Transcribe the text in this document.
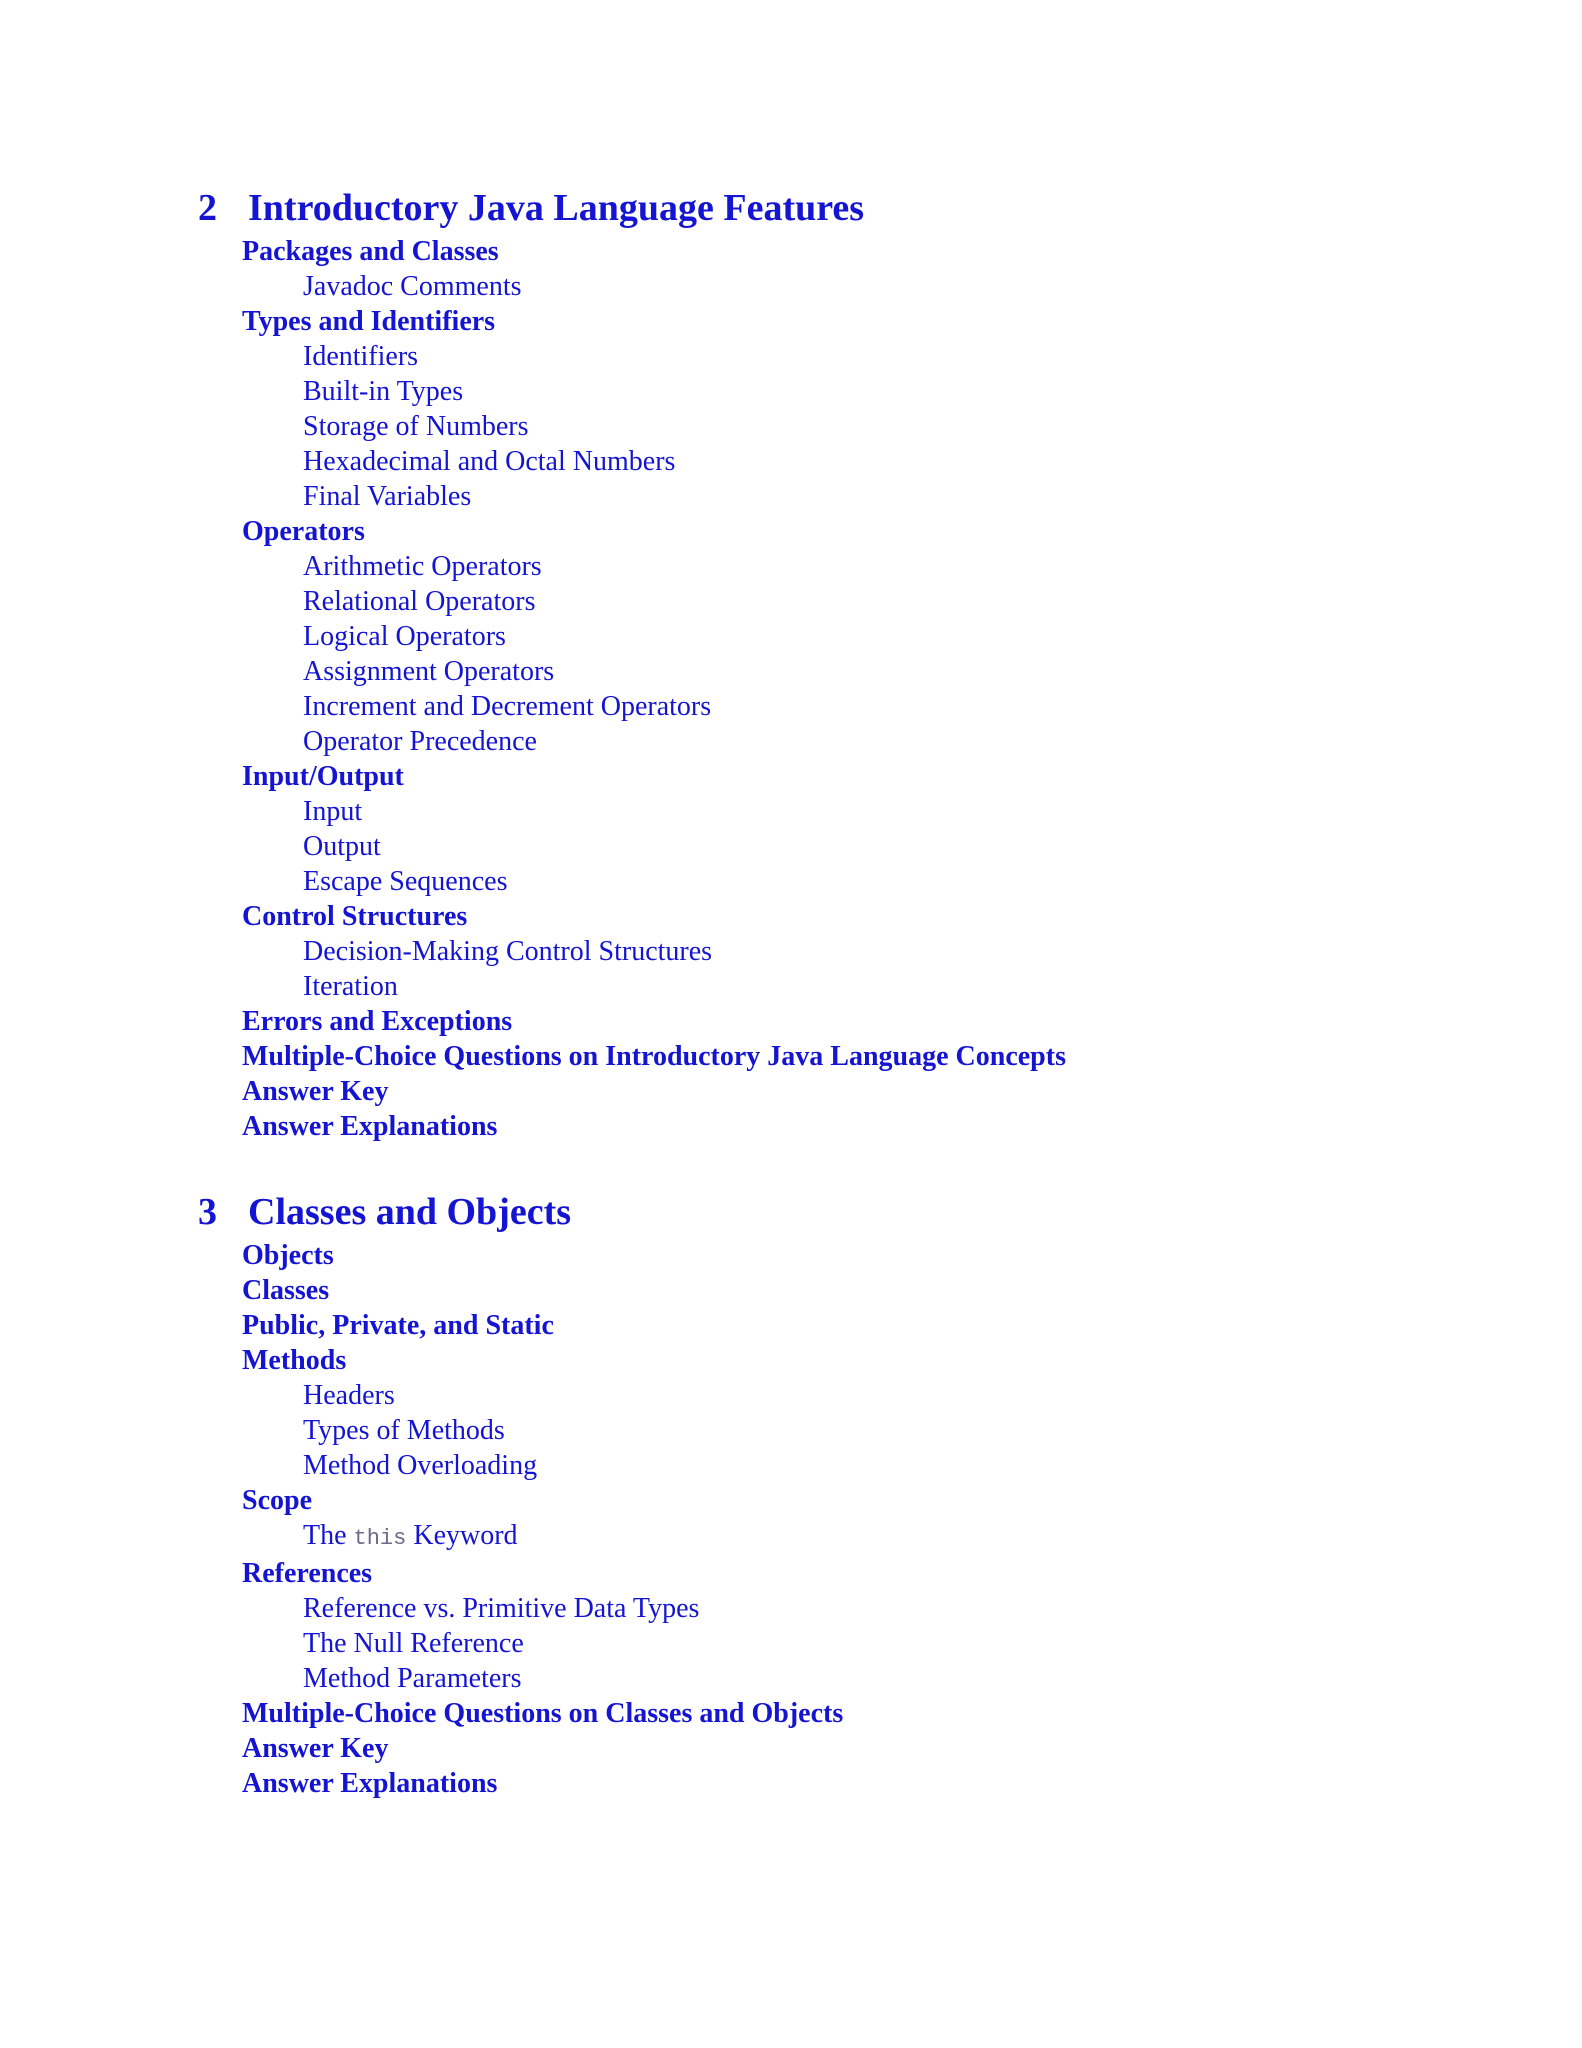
2 Introductory Java Language Features
Packages and Classes
Javadoc Comments
Types and Identifiers
Identifiers
Built-in Types
Storage of Numbers
Hexadecimal and Octal Numbers
Final Variables
Operators
Arithmetic Operators
Relational Operators
Logical Operators
Assignment Operators
Increment and Decrement Operators
Operator Precedence
Input/Output
Input
Output
Escape Sequences
Control Structures
Decision-Making Control Structures
Iteration
Errors and Exceptions
Multiple-Choice Questions on Introductory Java Language Concepts
Answer Key
Answer Explanations
3 Classes and Objects
Objects
Classes
Public, Private, and Static
Methods
Headers
Types of Methods
Method Overloading
Scope
The this Keyword
References
Reference vs. Primitive Data Types
The Null Reference
Method Parameters
Multiple-Choice Questions on Classes and Objects
Answer Key
Answer Explanations
